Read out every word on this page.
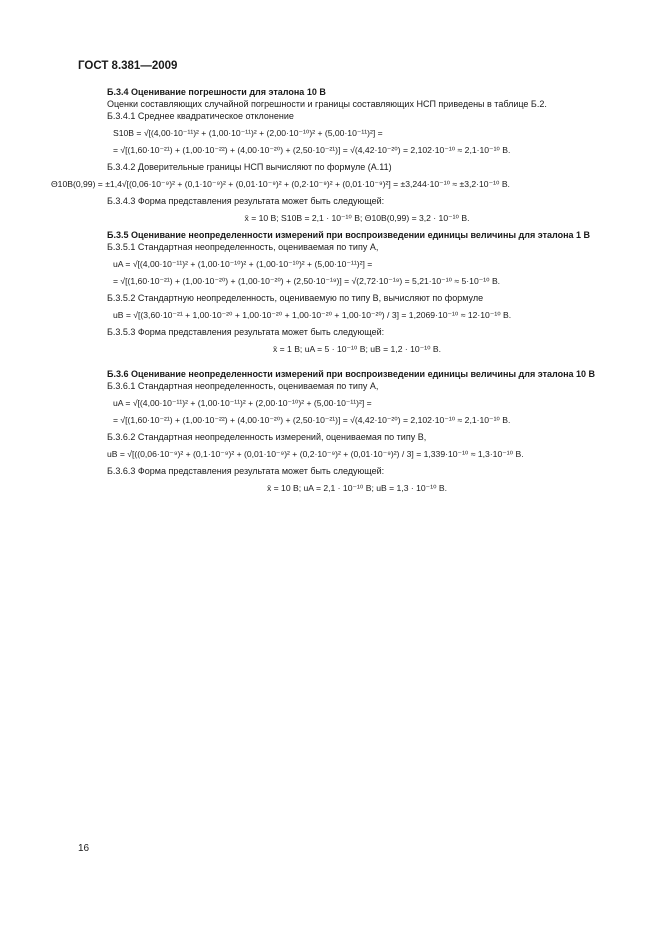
ГОСТ 8.381—2009

Б.3.4 Оценивание погрешности для эталона 10 В

Оценки составляющих случайной погрешности и границы составляющих НСП приведены в таблице Б.2.

Б.3.4.1 Среднее квадратическое отклонение

S10B = √[(4,00·10⁻¹¹)² + (1,00·10⁻¹¹)² + (2,00·10⁻¹⁰)² + (5,00·10⁻¹¹)²] =
= √[(1,60·10⁻²¹) + (1,00·10⁻²²) + (4,00·10⁻²⁰) + (2,50·10⁻²¹)] = √(4,42·10⁻²⁰) = 2,102·10⁻¹⁰ ≈ 2,1·10⁻¹⁰ В.

Б.3.4.2 Доверительные границы НСП вычисляют по формуле (А.11)

Θ10B(0,99) = ±1,4√[(0,06·10⁻⁹)² + (0,1·10⁻⁹)² + (0,01·10⁻⁹)² + (0,2·10⁻⁹)² + (0,01·10⁻⁹)²] = ±3,244·10⁻¹⁰ ≈ ±3,2·10⁻¹⁰ В.

Б.3.4.3 Форма представления результата может быть следующей:

x̄ = 10 В; S10B = 2,1 · 10⁻¹⁰ В; Θ10B(0,99) = 3,2 · 10⁻¹⁰ В.

Б.3.5 Оценивание неопределенности измерений при воспроизведении единицы величины для эталона 1 В

Б.3.5.1 Стандартная неопределенность, оцениваемая по типу А,

uA = √[(4,00·10⁻¹¹)² + (1,00·10⁻¹⁰)² + (1,00·10⁻¹⁰)² + (5,00·10⁻¹¹)²] =
= √[(1,60·10⁻²¹) + (1,00·10⁻²⁰) + (1,00·10⁻²⁰) + (2,50·10⁻¹⁹)] = √(2,72·10⁻¹⁹) = 5,21·10⁻¹⁰ ≈ 5·10⁻¹⁰ В.

Б.3.5.2 Стандартную неопределенность, оцениваемую по типу В, вычисляют по формуле

uB = √[(3,60·10⁻²¹ + 1,00·10⁻²⁰ + 1,00·10⁻²⁰ + 1,00·10⁻²⁰ + 1,00·10⁻²⁰) / 3] = 1,2069·10⁻¹⁰ ≈ 12·10⁻¹⁰ В.

Б.3.5.3 Форма представления результата может быть следующей:

x̄ = 1 В; uA = 5 · 10⁻¹⁰ В; uB = 1,2 · 10⁻¹⁰ В.

Б.3.6 Оценивание неопределенности измерений при воспроизведении единицы величины для эталона 10 В

Б.3.6.1 Стандартная неопределенность, оцениваемая по типу А,

uA = √[(4,00·10⁻¹¹)² + (1,00·10⁻¹¹)² + (2,00·10⁻¹⁰)² + (5,00·10⁻¹¹)²] =
= √[(1,60·10⁻²¹) + (1,00·10⁻²²) + (4,00·10⁻²⁰) + (2,50·10⁻²¹)] = √(4,42·10⁻²⁰) = 2,102·10⁻¹⁰ ≈ 2,1·10⁻¹⁰ В.

Б.3.6.2 Стандартная неопределенность измерений, оцениваемая по типу В,

uB = √[((0,06·10⁻⁹)² + (0,1·10⁻⁹)² + (0,01·10⁻⁹)² + (0,2·10⁻⁹)² + (0,01·10⁻⁹)²) / 3] = 1,339·10⁻¹⁰ ≈ 1,3·10⁻¹⁰ В.

Б.3.6.3 Форма представления результата может быть следующей:

x̄ = 10 В; uA = 2,1 · 10⁻¹⁰ В; uB = 1,3 · 10⁻¹⁰ В.
16
